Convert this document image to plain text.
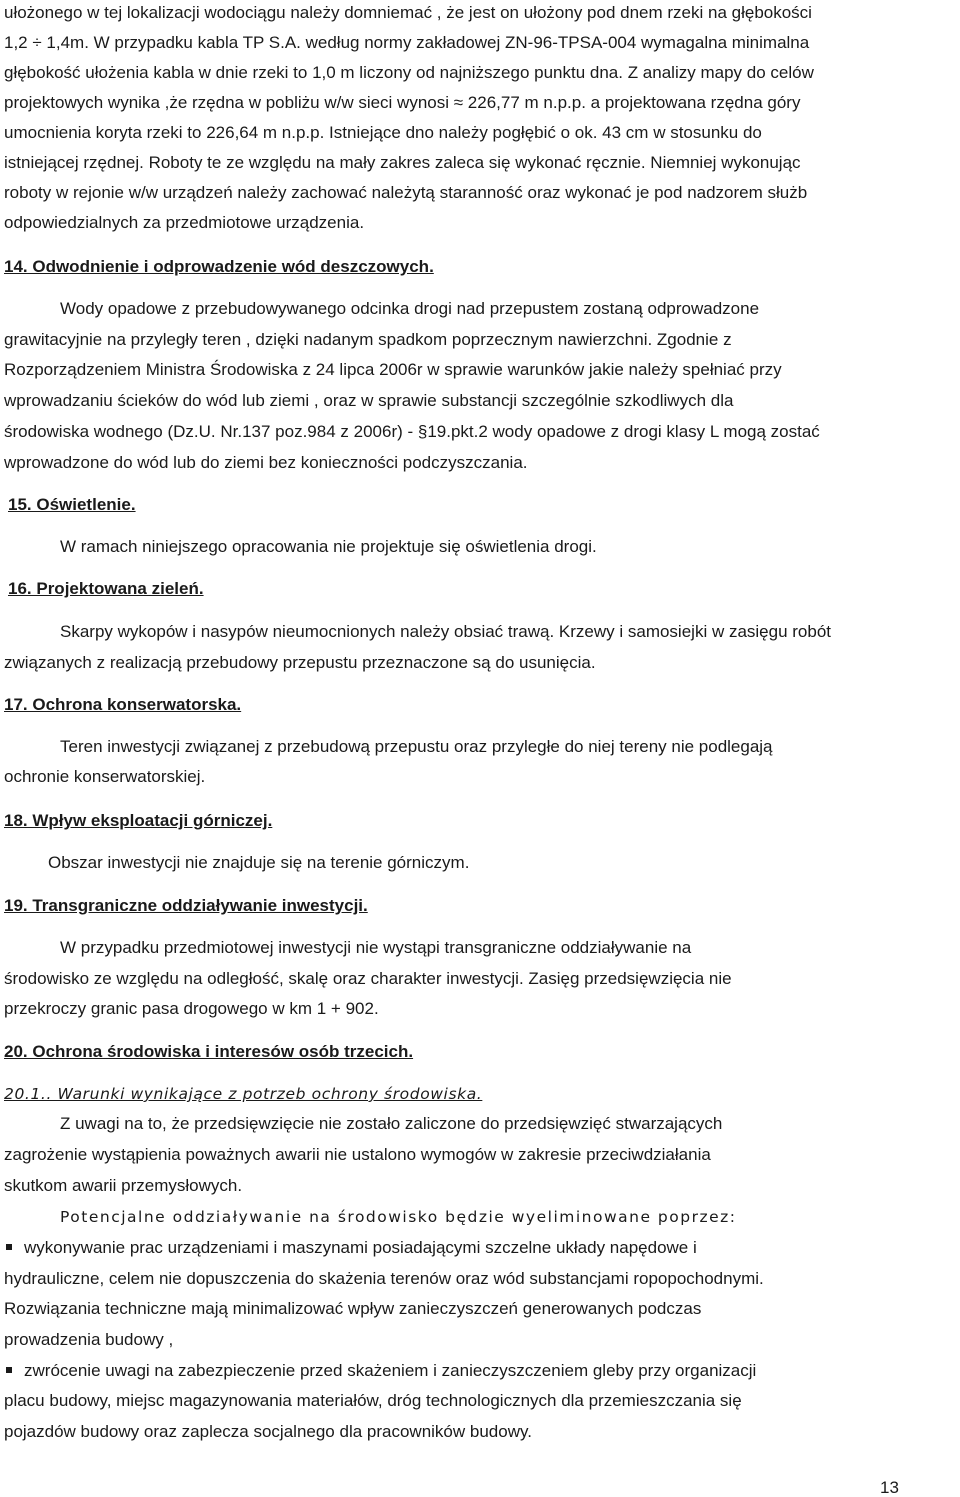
ułożonego w tej lokalizacji wodociągu należy domniemać , że jest on ułożony pod dnem rzeki na głębokości
1,2 ÷ 1,4m. W przypadku kabla TP S.A. według normy zakładowej ZN-96-TPSA-004 wymagalna minimalna
głębokość ułożenia kabla w dnie rzeki to 1,0 m liczony od najniższego punktu dna. Z analizy mapy do celów
projektowych wynika ,że rzędna w pobliżu w/w sieci wynosi ≈ 226,77 m n.p.p. a projektowana rzędna góry
umocnienia koryta rzeki to 226,64 m n.p.p. Istniejące dno należy pogłębić o ok. 43 cm w stosunku do
istniejącej rzędnej. Roboty te ze względu na mały zakres zaleca się wykonać ręcznie. Niemniej wykonując
roboty w rejonie w/w urządzeń należy zachować należytą staranność oraz wykonać je pod nadzorem służb
odpowiedzialnych za przedmiotowe urządzenia.
14. Odwodnienie i odprowadzenie wód deszczowych.
Wody opadowe z przebudowywanego odcinka drogi nad przepustem zostaną odprowadzone
grawitacyjnie na przyległy teren , dzięki nadanym spadkom poprzecznym nawierzchni. Zgodnie z
Rozporządzeniem Ministra Środowiska z 24 lipca 2006r w sprawie warunków jakie należy spełniać przy
wprowadzaniu ścieków do wód lub ziemi , oraz w sprawie substancji szczególnie szkodliwych dla
środowiska wodnego (Dz.U. Nr.137 poz.984 z 2006r) - §19.pkt.2 wody opadowe z drogi klasy L mogą zostać
wprowadzone do wód lub do ziemi bez konieczności podczyszczania.
15. Oświetlenie.
W ramach niniejszego opracowania nie projektuje się oświetlenia drogi.
16. Projektowana zieleń.
Skarpy wykopów i nasypów nieumocnionych należy obsiać trawą. Krzewy i samosiejki w zasięgu robót
związanych z realizacją przebudowy przepustu przeznaczone są do usunięcia.
17. Ochrona konserwatorska.
Teren inwestycji związanej z przebudową przepustu oraz przyległe do niej tereny nie podlegają
ochronie konserwatorskiej.
18. Wpływ eksploatacji górniczej.
Obszar inwestycji nie znajduje się na terenie górniczym.
19. Transgraniczne oddziaływanie inwestycji.
W przypadku przedmiotowej inwestycji nie wystąpi transgraniczne oddziaływanie na
środowisko ze względu na odległość, skalę oraz charakter inwestycji. Zasięg przedsięwzięcia nie
przekroczy granic pasa drogowego w km 1 + 902.
20. Ochrona środowiska i interesów osób trzecich.
20.1.. Warunki wynikające z potrzeb ochrony środowiska.
Z uwagi na to, że przedsięwzięcie nie zostało zaliczone do przedsięwzięć stwarzających
zagrożenie wystąpienia poważnych awarii nie ustalono wymogów w zakresie przeciwdziałania
skutkom awarii przemysłowych.
Potencjalne oddziaływanie na środowisko będzie wyeliminowane poprzez:
wykonywanie prac urządzeniami i maszynami posiadającymi szczelne układy napędowe i
hydrauliczne, celem nie dopuszczenia do skażenia terenów oraz wód substancjami ropopochodnymi.
Rozwiązania techniczne mają minimalizować wpływ zanieczyszczeń generowanych podczas
prowadzenia budowy ,
zwrócenie uwagi na zabezpieczenie przed skażeniem i zanieczyszczeniem gleby przy organizacji
placu budowy, miejsc magazynowania materiałów, dróg technologicznych dla przemieszczania się
pojazdów budowy oraz zaplecza socjalnego dla pracowników budowy.
13
